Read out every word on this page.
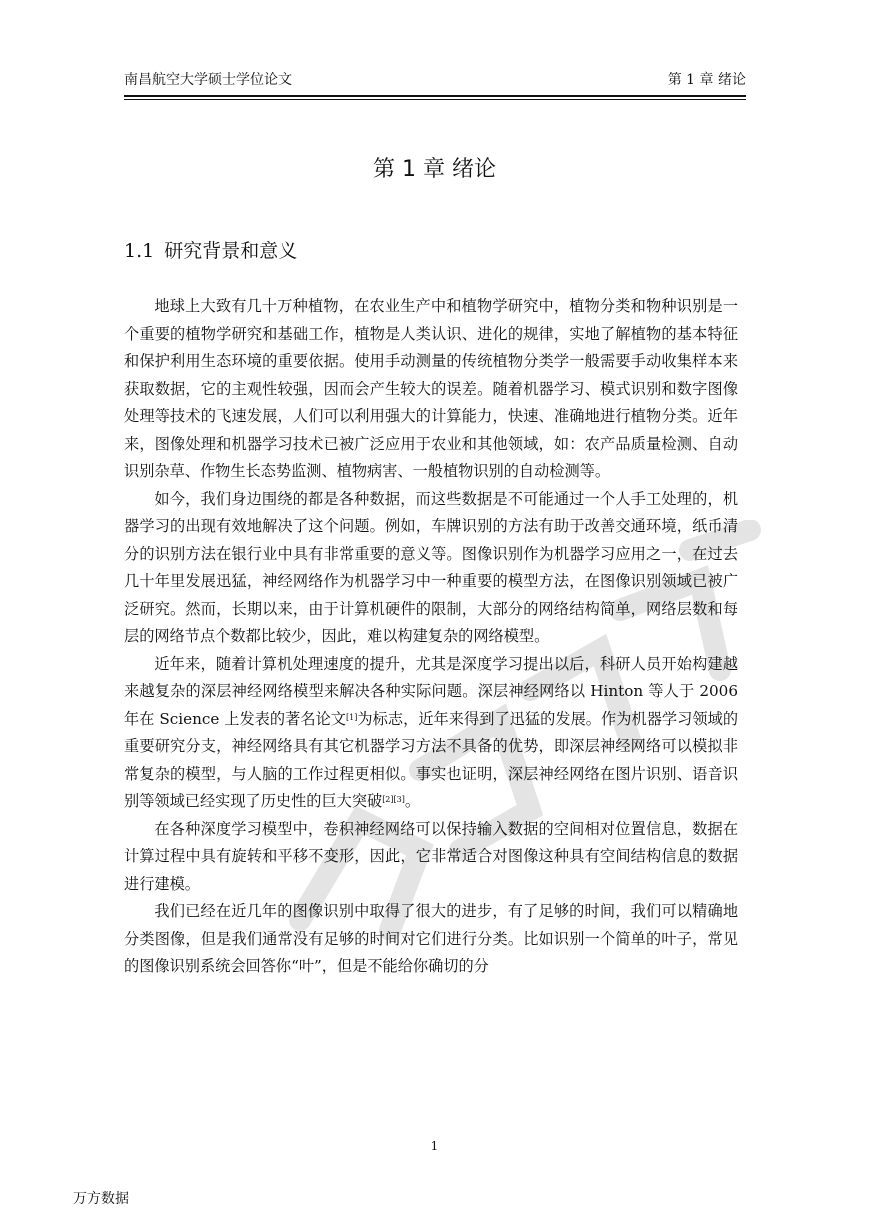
南昌航空大学硕士学位论文	第 1 章 绪论
第 1 章 绪论
1.1 研究背景和意义

地球上大致有几十万种植物，在农业生产中和植物学研究中，植物分类和物种识别是一个重要的植物学研究和基础工作，植物是人类认识、进化的规律，实地了解植物的基本特征和保护利用生态环境的重要依据。使用手动测量的传统植物分类学一般需要手动收集样本来获取数据，它的主观性较强，因而会产生较大的误差。随着机器学习、模式识别和数字图像处理等技术的飞速发展，人们可以利用强大的计算能力，快速、准确地进行植物分类。近年来，图像处理和机器学习技术已被广泛应用于农业和其他领域，如：农产品质量检测、自动识别杂草、作物生长态势监测、植物病害、一般植物识别的自动检测等。

如今，我们身边围绕的都是各种数据，而这些数据是不可能通过一个人手工处理的，机器学习的出现有效地解决了这个问题。例如，车牌识别的方法有助于改善交通环境，纸币清分的识别方法在银行业中具有非常重要的意义等。图像识别作为机器学习应用之一，在过去几十年里发展迅猛，神经网络作为机器学习中一种重要的模型方法，在图像识别领域已被广泛研究。然而，长期以来，由于计算机硬件的限制，大部分的网络结构简单，网络层数和每层的网络节点个数都比较少，因此，难以构建复杂的网络模型。

近年来，随着计算机处理速度的提升，尤其是深度学习提出以后，科研人员开始构建越来越复杂的深层神经网络模型来解决各种实际问题。深层神经网络以 Hinton 等人于 2006 年在 Science 上发表的著名论文[1]为标志，近年来得到了迅猛的发展。作为机器学习领域的重要研究分支，神经网络具有其它机器学习方法不具备的优势，即深层神经网络可以模拟非常复杂的模型，与人脑的工作过程更相似。事实也证明，深层神经网络在图片识别、语音识别等领域已经实现了历史性的巨大突破[2][3]。

在各种深度学习模型中，卷积神经网络可以保持输入数据的空间相对位置信息，数据在计算过程中具有旋转和平移不变形，因此，它非常适合对图像这种具有空间结构信息的数据进行建模。

我们已经在近几年的图像识别中取得了很大的进步，有了足够的时间，我们可以精确地分类图像，但是我们通常没有足够的时间对它们进行分类。比如识别一个简单的叶子，常见的图像识别系统会回答你“叶”，但是不能给你确切的分

1
万方数据
